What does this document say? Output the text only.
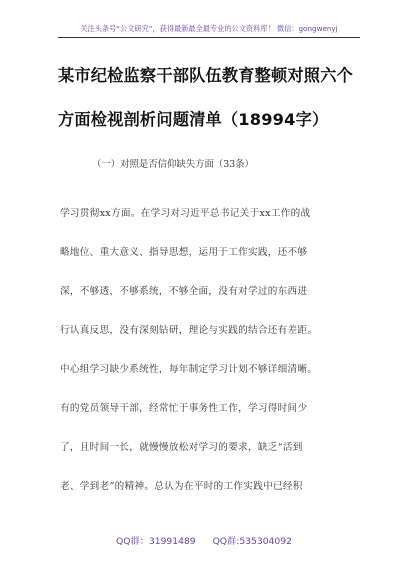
关注头条号“公文研究”，获得最新最全最专业的公文资料库！ 微信：gongwenyj
某市纪检监察干部队伍教育整顿对照六个
方面检视剖析问题清单（18994字）
（一）对照是否信仰缺失方面（33条）
学习贯彻xx方面。在学习对习近平总书记关于xx工作的战
略地位、重大意义、指导思想，运用于工作实践，还不够
深，不够透，不够系统，不够全面，没有对学过的东西进
行认真反思，没有深刻钻研，理论与实践的结合还有差距。
中心组学习缺少系统性，每年制定学习计划不够详细清晰。
有的党员领导干部，经常忙于事务性工作，学习得时间少
了，且时间一长，就慢慢放松对学习的要求，缺乏“活到
老、学到老”的精神。总认为在平时的工作实践中已经积
QQ群：31991489 QQ群:535304092
